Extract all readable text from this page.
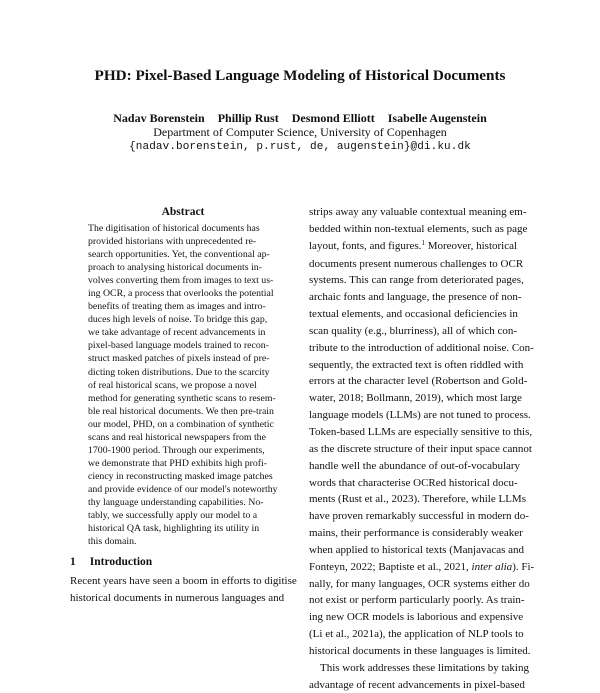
PHD: Pixel-Based Language Modeling of Historical Documents
Nadav Borenstein Phillip Rust Desmond Elliott Isabelle Augenstein
Department of Computer Science, University of Copenhagen
{nadav.borenstein, p.rust, de, augenstein}@di.ku.dk
Abstract
The digitisation of historical documents has
provided historians with unprecedented re-
search opportunities. Yet, the conventional ap-
proach to analysing historical documents in-
volves converting them from images to text us-
ing OCR, a process that overlooks the potential
benefits of treating them as images and intro-
duces high levels of noise. To bridge this gap,
we take advantage of recent advancements in
pixel-based language models trained to recon-
struct masked patches of pixels instead of pre-
dicting token distributions. Due to the scarcity
of real historical scans, we propose a novel
method for generating synthetic scans to resem-
ble real historical documents. We then pre-train
our model, PHD, on a combination of synthetic
scans and real historical newspapers from the
1700-1900 period. Through our experiments,
we demonstrate that PHD exhibits high profi-
ciency in reconstructing masked image patches
and provide evidence of our model's noteworthy
thy language understanding capabilities. No-
tably, we successfully apply our model to a
historical QA task, highlighting its utility in
this domain.
1 Introduction
Recent years have seen a boom in efforts to digitise
historical documents in numerous languages and
strips away any valuable contextual meaning em-
bedded within non-textual elements, such as page
layout, fonts, and figures.$^1$ Moreover, historical
documents present numerous challenges to OCR
systems. This can range from deteriorated pages,
archaic fonts and language, the presence of non-
textual elements, and occasional deficiencies in
scan quality (e.g., blurriness), all of which con-
tribute to the introduction of additional noise. Con-
sequently, the extracted text is often riddled with
errors at the character level (Robertson and Gold-
water, 2018; Bollmann, 2019), which most large
language models (LLMs) are not tuned to process.
Token-based LLMs are especially sensitive to this,
as the discrete structure of their input space cannot
handle well the abundance of out-of-vocabulary
words that characterise OCRed historical docu-
ments (Rust et al., 2023). Therefore, while LLMs
have proven remarkably successful in modern do-
mains, their performance is considerably weaker
when applied to historical texts (Manjavacas and
Fonteyn, 2022; Baptiste et al., 2021, inter alia). Fi-
nally, for many languages, OCR systems either do
not exist or perform particularly poorly. As train-
ing new OCR models is laborious and expensive
(Li et al., 2021a), the application of NLP tools to
historical documents in these languages is limited.
This work addresses these limitations by taking
advantage of recent advancements in pixel-based
